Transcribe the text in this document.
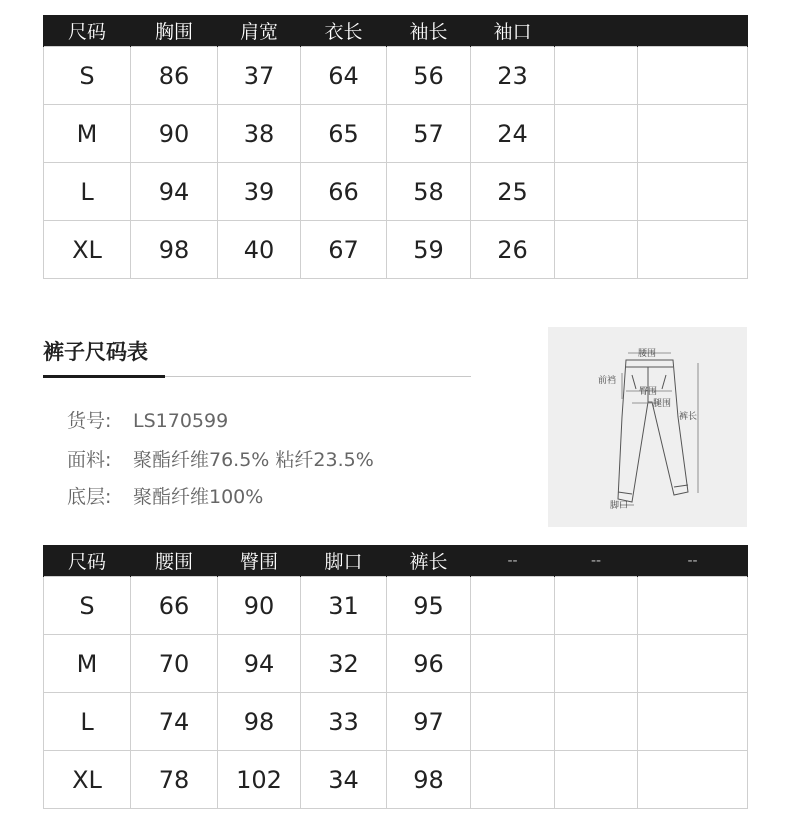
尺码	胸围	肩宽	衣长	袖长	袖口		
S	86	37	64	56	23		
M	90	38	65	57	24		
L	94	39	66	58	25		
XL	98	40	67	59	26		
裤子尺码表
货号: LS170599
面料: 聚酯纤维76.5% 粘纤23.5%
底层: 聚酯纤维100%
腰围
前裆
臀围
腿围
裤长
脚口
尺码	腰围	臀围	脚口	裤长	--	--	--
S	66	90	31	95			
M	70	94	32	96			
L	74	98	33	97			
XL	78	102	34	98			
